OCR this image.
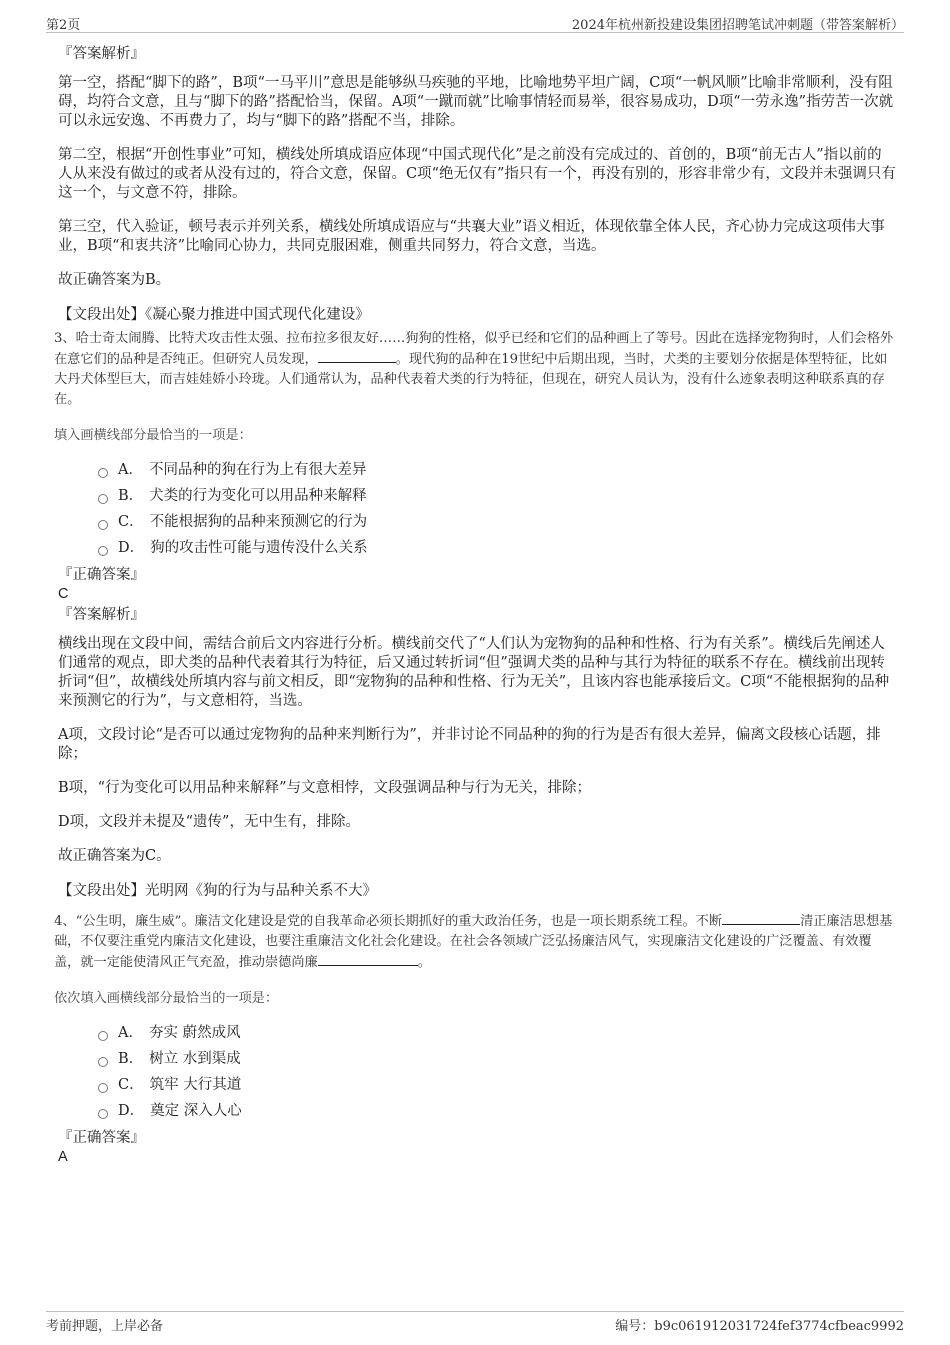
第2页	2024年杭州新投建设集团招聘笔试冲刺题（带答案解析）

『答案解析』

第一空，搭配“脚下的路”，B项“一马平川”意思是能够纵马疾驰的平地，比喻地势平坦广阔，C项“一帆风顺”比喻非常顺利，没有阻碍，均符合文意，且与“脚下的路”搭配恰当，保留。A项“一蹴而就”比喻事情轻而易举，很容易成功，D项“一劳永逸”指劳苦一次就可以永远安逸、不再费力了，均与“脚下的路”搭配不当，排除。

第二空，根据“开创性事业”可知，横线处所填成语应体现“中国式现代化”是之前没有完成过的、首创的，B项“前无古人”指以前的人从来没有做过的或者从没有过的，符合文意，保留。C项“绝无仅有”指只有一个，再没有别的，形容非常少有，文段并未强调只有这一个，与文意不符，排除。

第三空，代入验证，顿号表示并列关系，横线处所填成语应与“共襄大业”语义相近，体现依靠全体人民，齐心协力完成这项伟大事业，B项“和衷共济”比喻同心协力，共同克服困难，侧重共同努力，符合文意，当选。

故正确答案为B。

【文段出处】《凝心聚力推进中国式现代化建设》

3、哈士奇太闹腾、比特犬攻击性太强、拉布拉多很友好……狗狗的性格，似乎已经和它们的品种画上了等号。因此在选择宠物狗时，人们会格外在意它们的品种是否纯正。但研究人员发现，	。现代狗的品种在19世纪中后期出现，当时，犬类的主要划分依据是体型特征，比如大丹犬体型巨大，而吉娃娃娇小玲珑。人们通常认为，品种代表着犬类的行为特征，但现在，研究人员认为，没有什么迹象表明这种联系真的存在。

填入画横线部分最恰当的一项是：

A． 不同品种的狗在行为上有很大差异
B． 犬类的行为变化可以用品种来解释
C． 不能根据狗的品种来预测它的行为
D． 狗的攻击性可能与遗传没什么关系

『正确答案』

C

『答案解析』

横线出现在文段中间，需结合前后文内容进行分析。横线前交代了“人们认为宠物狗的品种和性格、行为有关系”。横线后先阐述人们通常的观点，即犬类的品种代表着其行为特征，后又通过转折词“但”强调犬类的品种与其行为特征的联系不存在。横线前出现转折词“但”，故横线处所填内容与前文相反，即“宠物狗的品种和性格、行为无关”，且该内容也能承接后文。C项“不能根据狗的品种来预测它的行为”，与文意相符，当选。

A项，文段讨论“是否可以通过宠物狗的品种来判断行为”，并非讨论不同品种的狗的行为是否有很大差异，偏离文段核心话题，排除；

B项，“行为变化可以用品种来解释”与文意相悖，文段强调品种与行为无关，排除；

D项，文段并未提及“遗传”，无中生有，排除。

故正确答案为C。

【文段出处】光明网《狗的行为与品种关系不大》

4、“公生明，廉生威”。廉洁文化建设是党的自我革命必须长期抓好的重大政治任务，也是一项长期系统工程。不断	清正廉洁思想基础，不仅要注重党内廉洁文化建设，也要注重廉洁文化社会化建设。在社会各领域广泛弘扬廉洁风气，实现廉洁文化建设的广泛覆盖、有效覆盖，就一定能使清风正气充盈，推动崇德尚廉	。

依次填入画横线部分最恰当的一项是：

A． 夯实 蔚然成风
B． 树立 水到渠成
C． 筑牢 大行其道
D． 奠定 深入人心

『正确答案』

A

考前押题，上岸必备	编号：b9c061912031724fef3774cfbeac9992
